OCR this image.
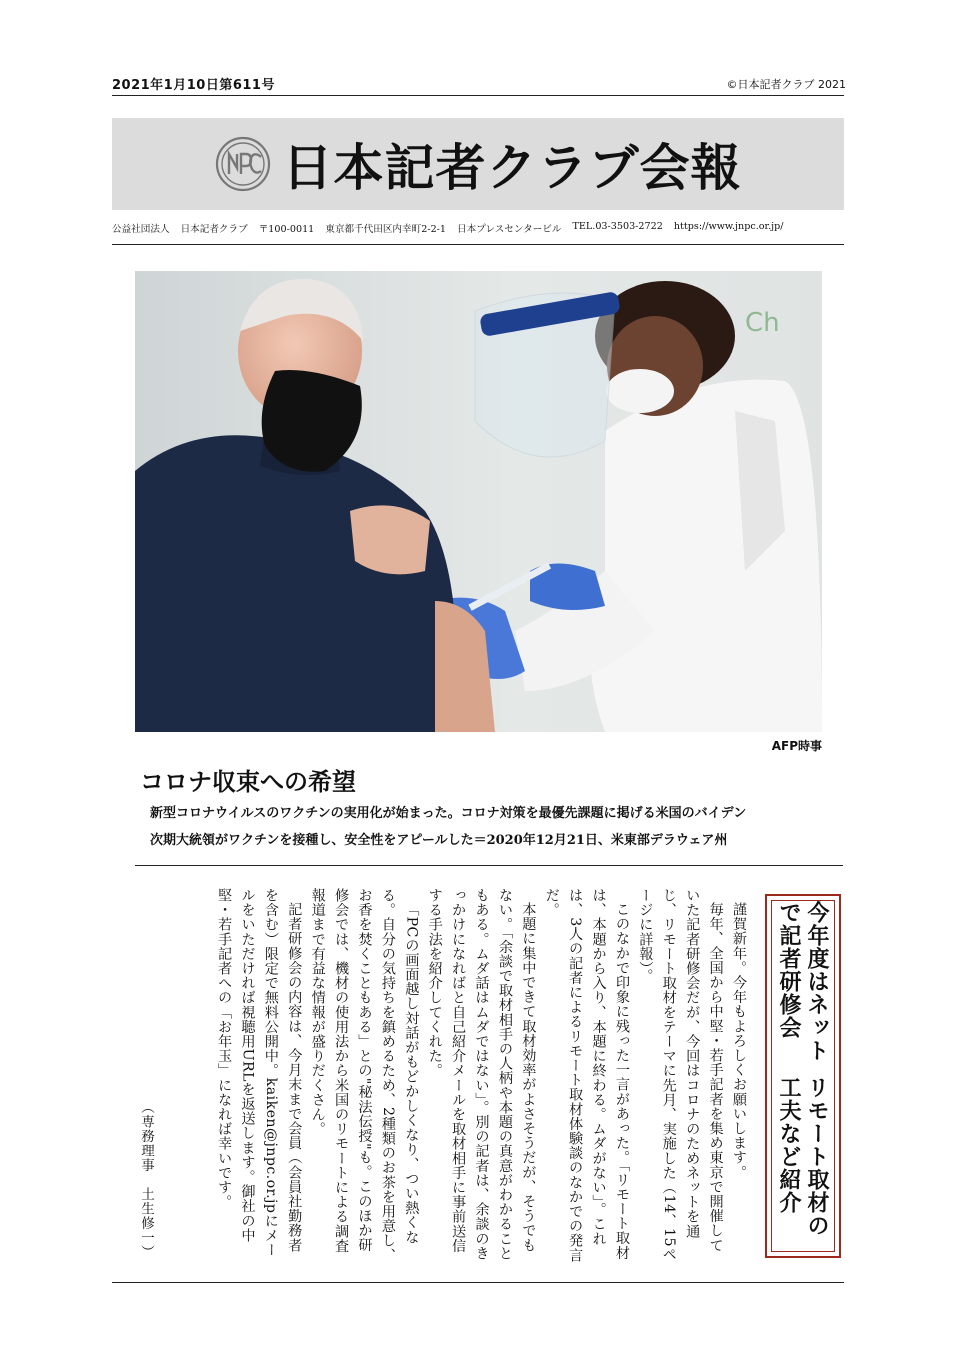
2021年1月10日第611号	©日本記者クラブ 2021
日本記者クラブ会報
公益社団法人 日本記者クラブ 〒100-0011 東京都千代田区内幸町2-2-1 日本プレスセンタービル TEL.03-3503-2722 https://www.jnpc.or.jp/
Ch
AFP時事
コロナ収束への希望
新型コロナウイルスのワクチンの実用化が始まった。コロナ対策を最優先課題に掲げる米国のバイデン
次期大統領がワクチンを接種し、安全性をアピールした＝2020年12月21日、米東部デラウェア州
今年度はネットで記者研修会
リモート取材の工夫など紹介

謹賀新年。今年もよろしくお願いします。

毎年、全国から中堅・若手記者を集め東京で開催していた記者研修会だが、今回はコロナのためネットを通じ、リモート取材をテーマに先月、実施した（14、15ページに詳報）。

このなかで印象に残った一言があった。「リモート取材は、本題から入り、本題に終わる。ムダがない」。これは、3人の記者によるリモート取材体験談のなかでの発言だ。

本題に集中できて取材効率がよさそうだが、そうでもない。「余談で取材相手の人柄や本題の真意がわかることもある。ムダ話はムダではない」。別の記者は、余談のきっかけになればと自己紹介メールを取材相手に事前送信する手法を紹介してくれた。

「PCの画面越し対話がもどかしくなり、つい熱くなる。自分の気持ちを鎮めるため、2種類のお茶を用意し、お香を焚くこともある」との"秘法伝授"も。このほか研修会では、機材の使用法から米国のリモートによる調査報道まで有益な情報が盛りだくさん。

記者研修会の内容は、今月末まで会員（会員社勤務者を含む）限定で無料公開中。kaiken@jnpc.or.jpにメールをいただければ視聴用URLを返送します。御社の中堅・若手記者への「お年玉」になれば幸いです。

（専務理事　土生修一）
